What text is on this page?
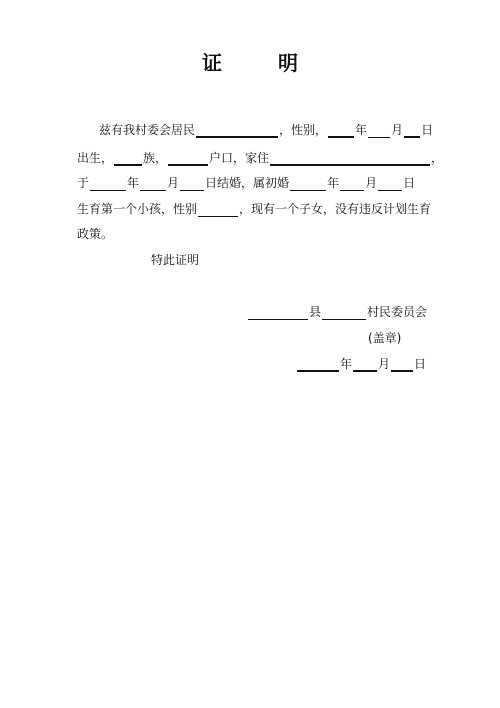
证　明
兹有我村委会居民	，性别， 年 月 日
出生，	族，	户口，家住	，
于	年 月 日结婚，属初婚	年 月 日
生育第一个小孩，性别	，现有一个子女，没有违反计划生育
政策。
特此证明
县	村民委员会
(盖章)
年 月 日
